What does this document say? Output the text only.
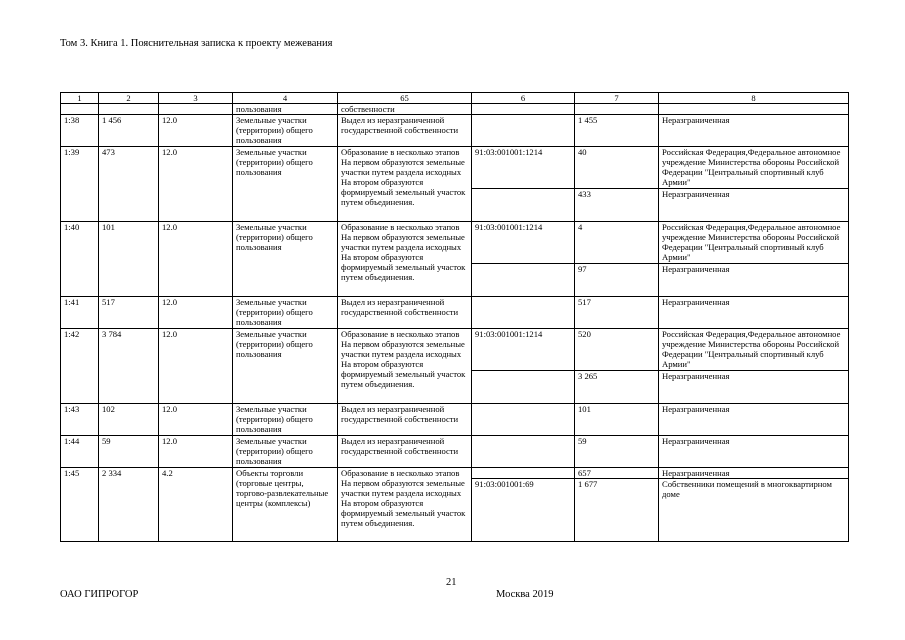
Том 3. Книга 1. Пояснительная записка к проекту межевания
1	2	3	4	65	6	7	8
			пользования	собственности			
1:38	1 456	12.0	Земельные участки (территории) общего пользования	Выдел из неразграниченной государственной собственности		1 455	Неразграниченная
1:39	473	12.0	Земельные участки (территории) общего пользования	Образование в несколько этапов На первом образуются земельные участки путем раздела исходных На втором образуются формируемый земельный участок путем объединения.	91:03:001001:1214	40	Российская Федерация,Федеральное автономное учреждение Министерства обороны Российской Федерации "Центральный спортивный клуб Армии"
						433	Неразграниченная
1:40	101	12.0	Земельные участки (территории) общего пользования	Образование в несколько этапов На первом образуются земельные участки путем раздела исходных На втором образуются формируемый земельный участок путем объединения.	91:03:001001:1214	4	Российская Федерация,Федеральное автономное учреждение Министерства обороны Российской Федерации "Центральный спортивный клуб Армии"
						97	Неразграниченная
1:41	517	12.0	Земельные участки (территории) общего пользования	Выдел из неразграниченной государственной собственности		517	Неразграниченная
1:42	3 784	12.0	Земельные участки (территории) общего пользования	Образование в несколько этапов На первом образуются земельные участки путем раздела исходных На втором образуются формируемый земельный участок путем объединения.	91:03:001001:1214	520	Российская Федерация,Федеральное автономное учреждение Министерства обороны Российской Федерации "Центральный спортивный клуб Армии"
						3 265	Неразграниченная
1:43	102	12.0	Земельные участки (территории) общего пользования	Выдел из неразграниченной государственной собственности		101	Неразграниченная
1:44	59	12.0	Земельные участки (территории) общего пользования	Выдел из неразграниченной государственной собственности		59	Неразграниченная
1:45	2 334	4.2	Объекты торговли (торговые центры, торгово-развлекательные центры (комплексы)	Образование в несколько этапов На первом образуются земельные участки путем раздела исходных На втором образуются формируемый земельный участок путем объединения.		657	Неразграниченная
					91:03:001001:69	1 677	Собственники помещений в многоквартирном доме
21
ОАО ГИПРОГОР	Москва 2019
